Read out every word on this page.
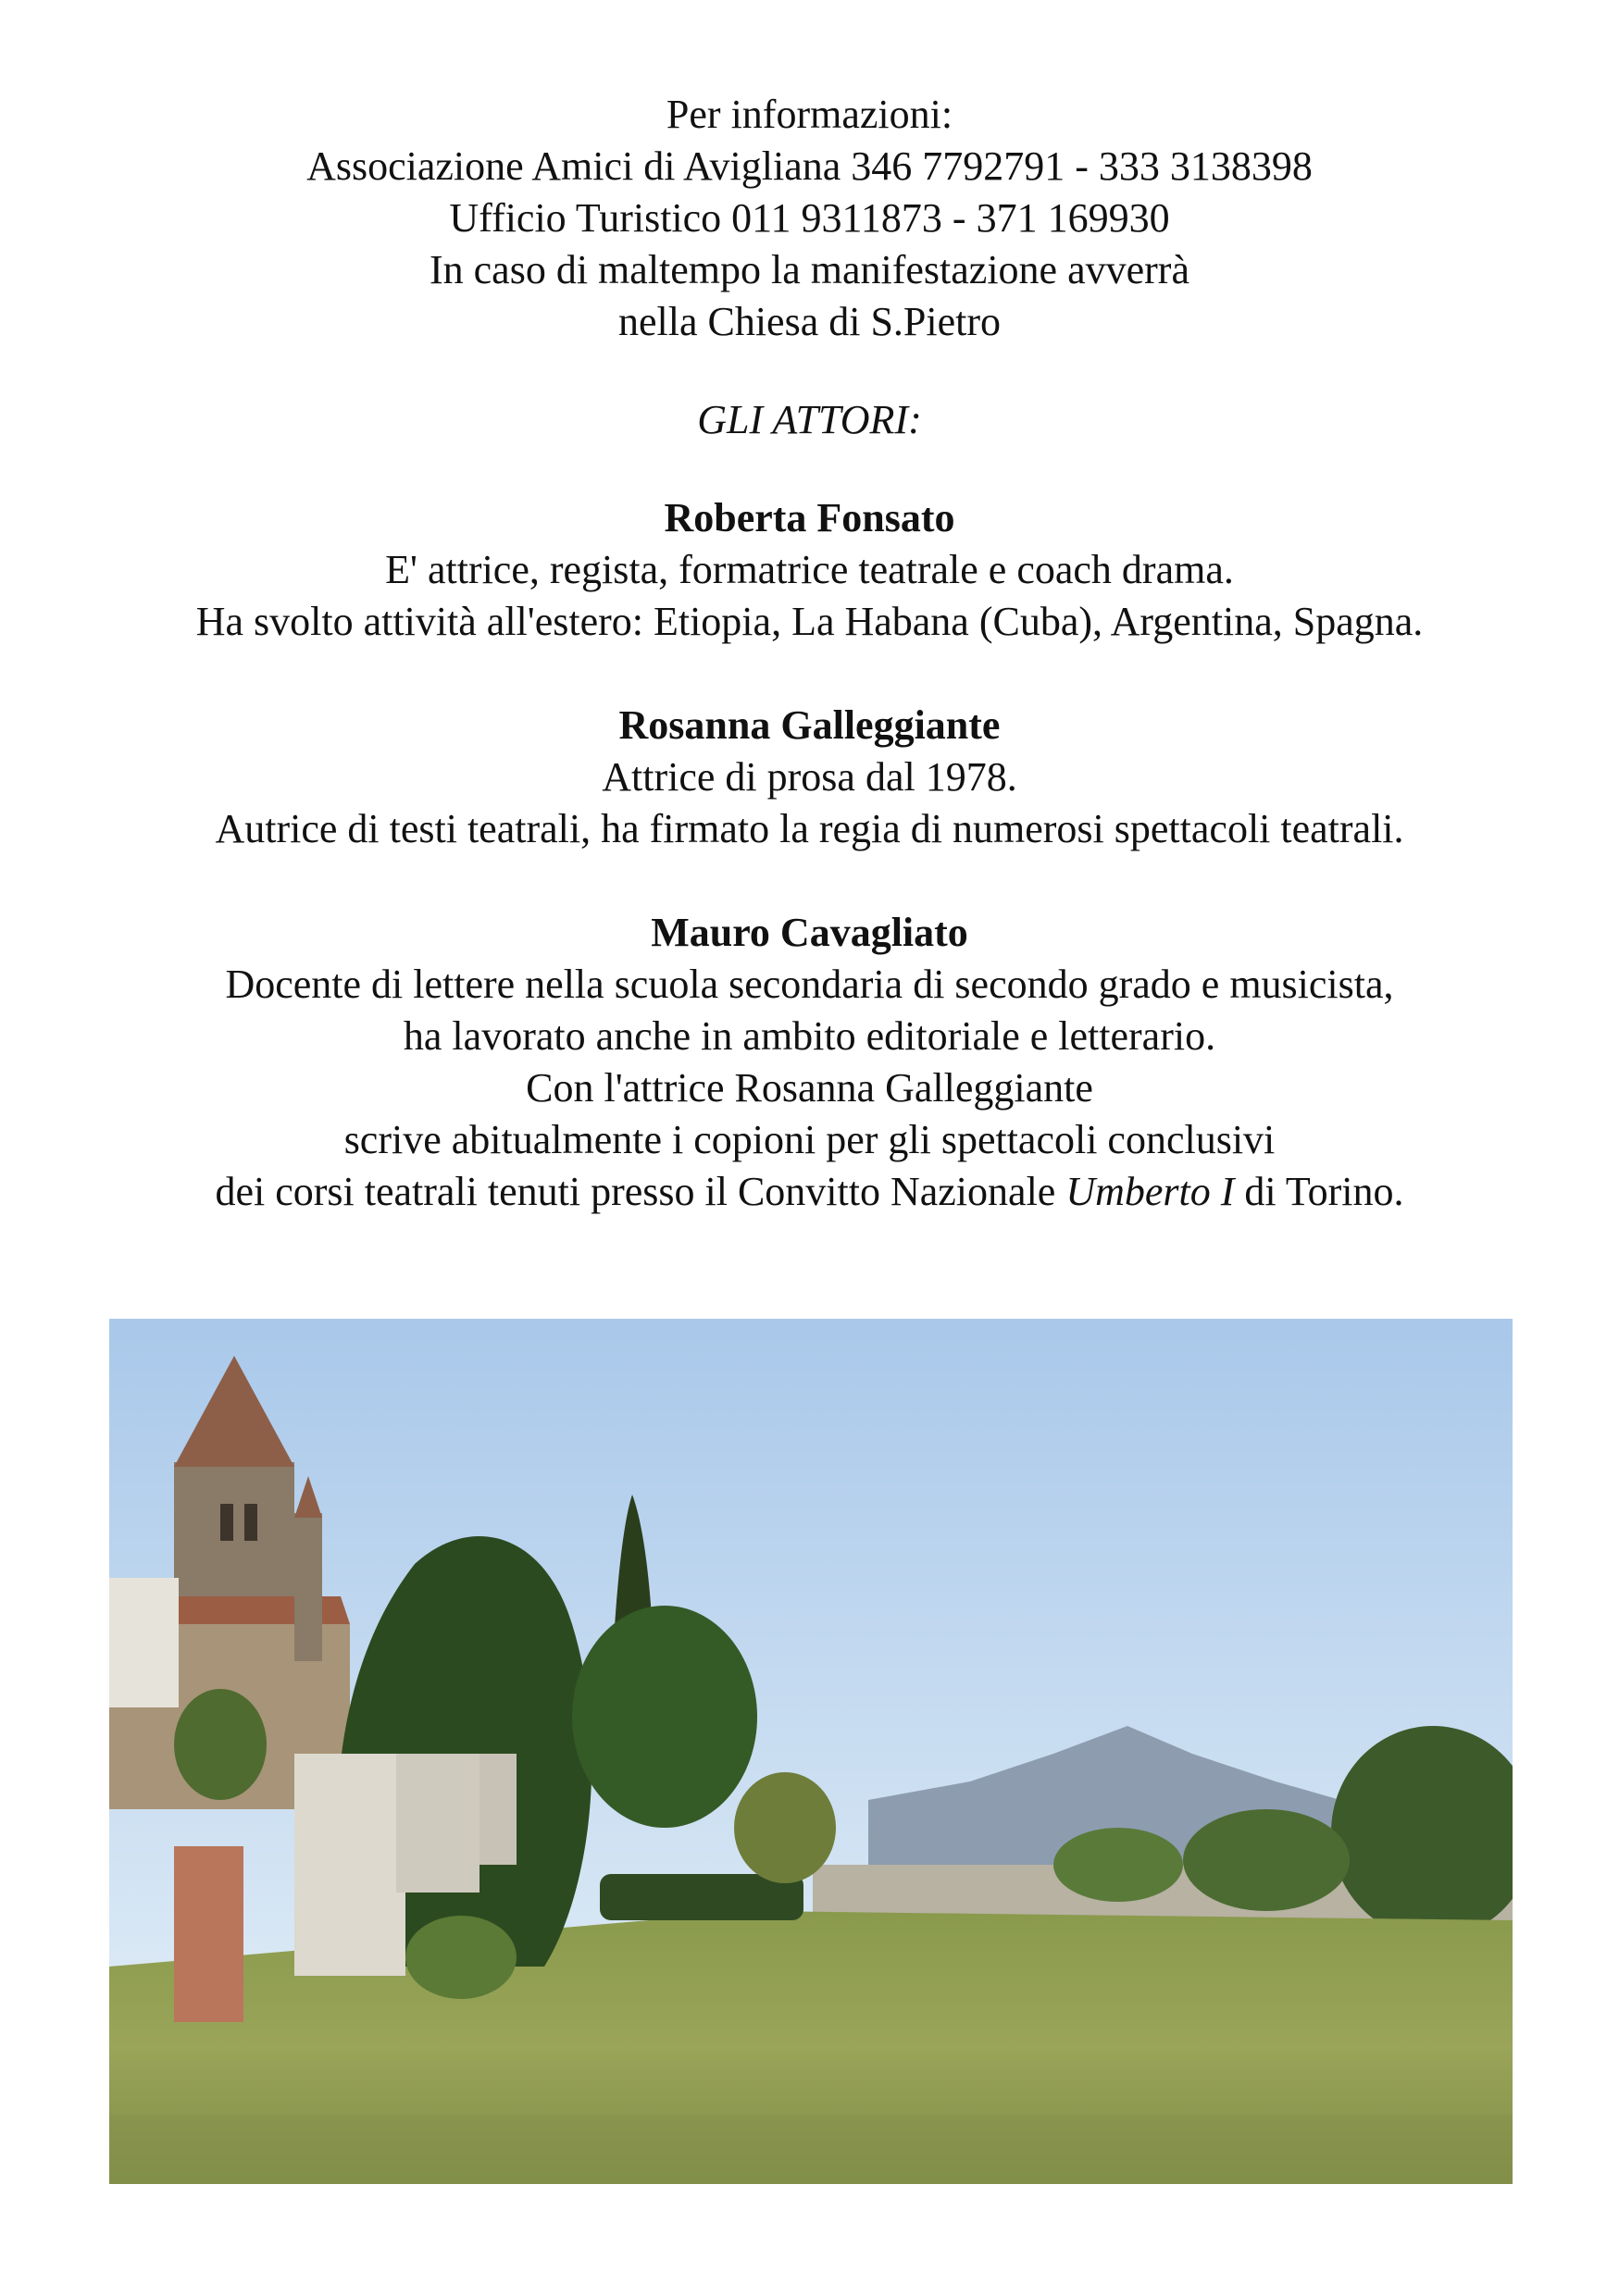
Per informazioni:

Associazione Amici di Avigliana 346 7792791 - 333 3138398

Ufficio Turistico 011 9311873 - 371 169930

In caso di maltempo la manifestazione avverrà

nella Chiesa di S.Pietro

GLI ATTORI:

Roberta Fonsato

E' attrice, regista, formatrice teatrale e coach drama.

Ha svolto attività all'estero: Etiopia, La Habana (Cuba), Argentina, Spagna.

Rosanna Galleggiante

Attrice di prosa dal 1978.

Autrice di testi teatrali, ha firmato la regia di numerosi spettacoli teatrali.

Mauro Cavagliato

Docente di lettere nella scuola secondaria di secondo grado e musicista,

ha lavorato anche in ambito editoriale e letterario.

Con l'attrice Rosanna Galleggiante

scrive abitualmente i copioni per gli spettacoli conclusivi

dei corsi teatrali tenuti presso il Convitto Nazionale Umberto I di Torino.
